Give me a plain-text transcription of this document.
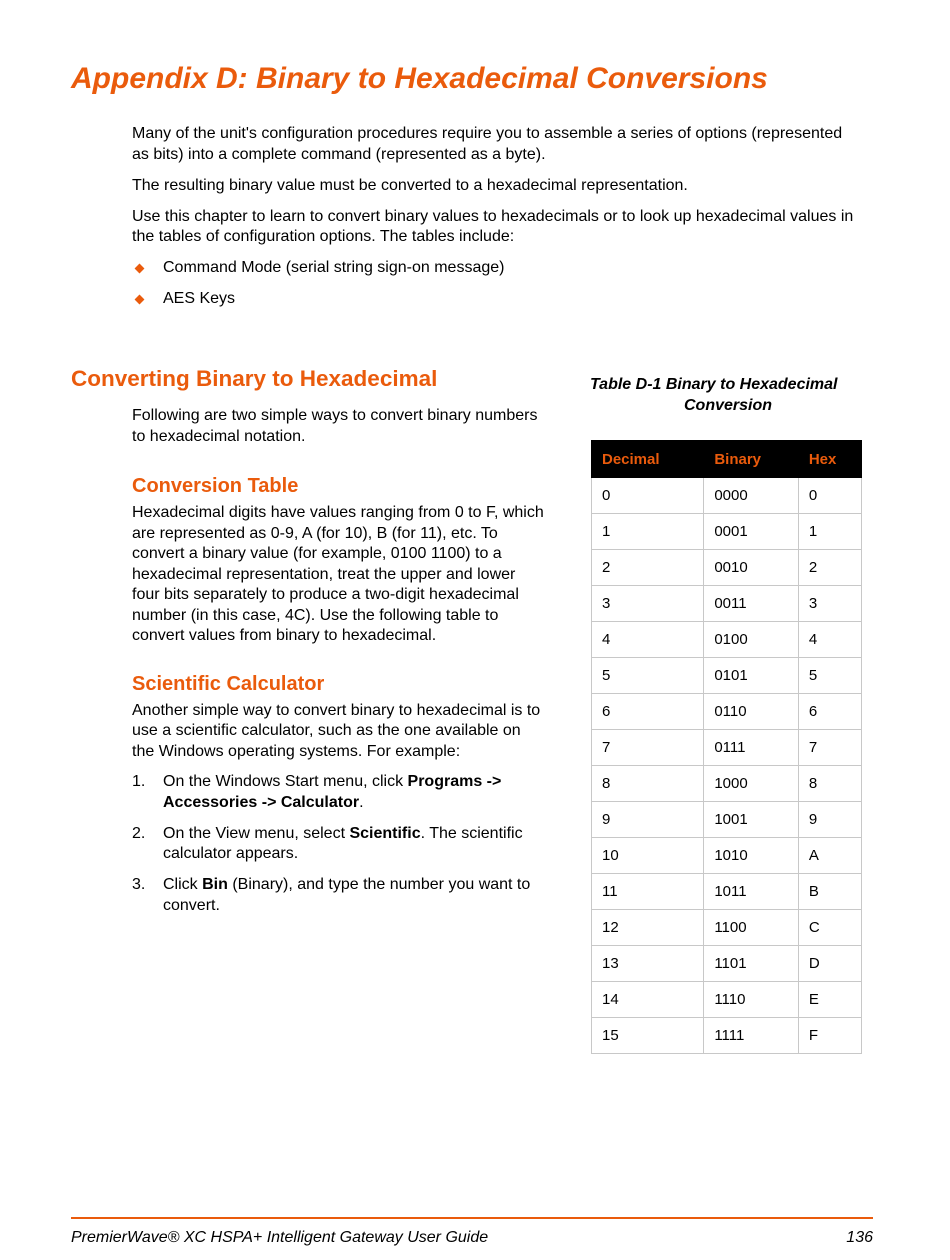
Appendix D: Binary to Hexadecimal Conversions

Many of the unit's configuration procedures require you to assemble a series of options (represented as bits) into a complete command (represented as a byte).

The resulting binary value must be converted to a hexadecimal representation.

Use this chapter to learn to convert binary values to hexadecimals or to look up hexadecimal values in the tables of configuration options. The tables include:

Command Mode (serial string sign-on message)
AES Keys
Converting Binary to Hexadecimal

Following are two simple ways to convert binary numbers to hexadecimal notation.

Conversion Table

Hexadecimal digits have values ranging from 0 to F, which are represented as 0-9, A (for 10), B (for 11), etc. To convert a binary value (for example, 0100 1100) to a hexadecimal representation, treat the upper and lower four bits separately to produce a two-digit hexadecimal number (in this case, 4C). Use the following table to convert values from binary to hexadecimal.

Scientific Calculator

Another simple way to convert binary to hexadecimal is to use a scientific calculator, such as the one available on the Windows operating systems. For example:

1. On the Windows Start menu, click Programs -> Accessories -> Calculator.
2. On the View menu, select Scientific. The scientific calculator appears.
3. Click Bin (Binary), and type the number you want to convert.
Table D-1 Binary to Hexadecimal
Conversion
Decimal	Binary	Hex
0	0000	0
1	0001	1
2	0010	2
3	0011	3
4	0100	4
5	0101	5
6	0110	6
7	0111	7
8	1000	8
9	1001	9
10	1010	A
11	1011	B
12	1100	C
13	1101	D
14	1110	E
15	1111	F
PremierWave® XC HSPA+ Intelligent Gateway User Guide	136
